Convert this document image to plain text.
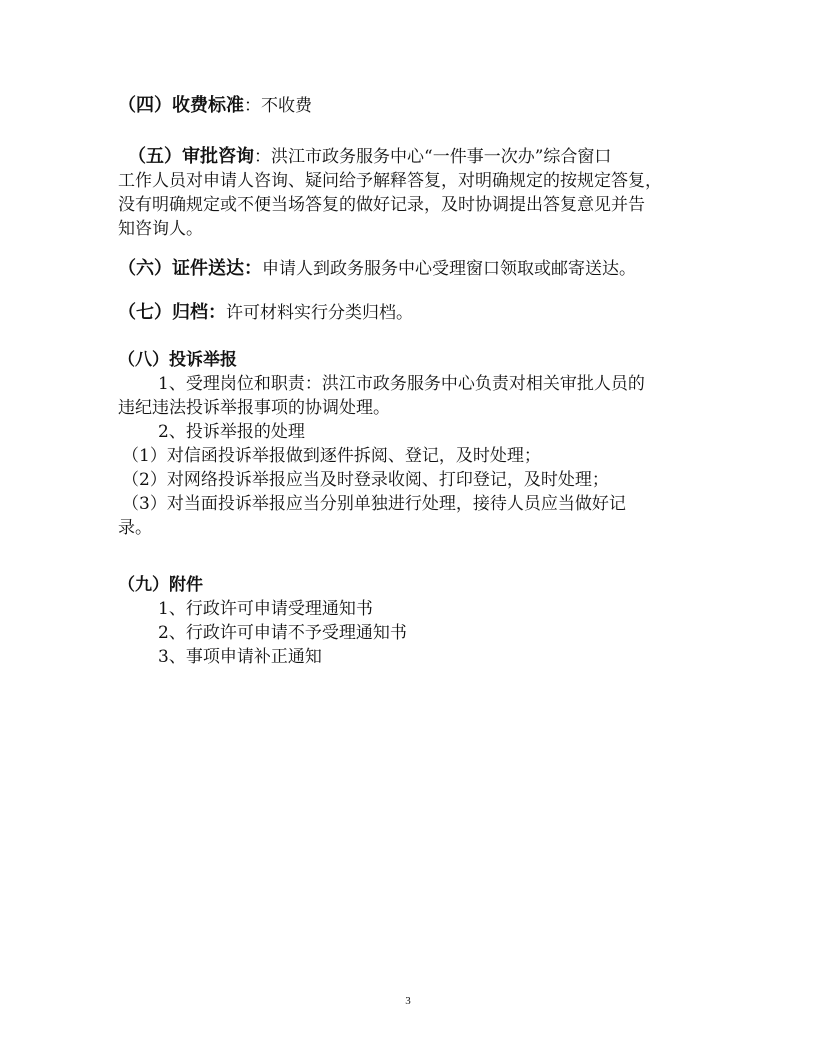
（四）收费标准：不收费
（五）审批咨询：洪江市政务服务中心“一件事一次办”综合窗口
工作人员对申请人咨询、疑问给予解释答复，对明确规定的按规定答复，
没有明确规定或不便当场答复的做好记录，及时协调提出答复意见并告
知咨询人。
（六）证件送达：申请人到政务服务中心受理窗口领取或邮寄送达。
（七）归档：许可材料实行分类归档。
（八）投诉举报
1、受理岗位和职责：洪江市政务服务中心负责对相关审批人员的
违纪违法投诉举报事项的协调处理。
2、投诉举报的处理
（1）对信函投诉举报做到逐件拆阅、登记，及时处理；
（2）对网络投诉举报应当及时登录收阅、打印登记，及时处理；
（3）对当面投诉举报应当分别单独进行处理，接待人员应当做好记
录。
（九）附件
1、行政许可申请受理通知书
2、行政许可申请不予受理通知书
3、事项申请补正通知
3
